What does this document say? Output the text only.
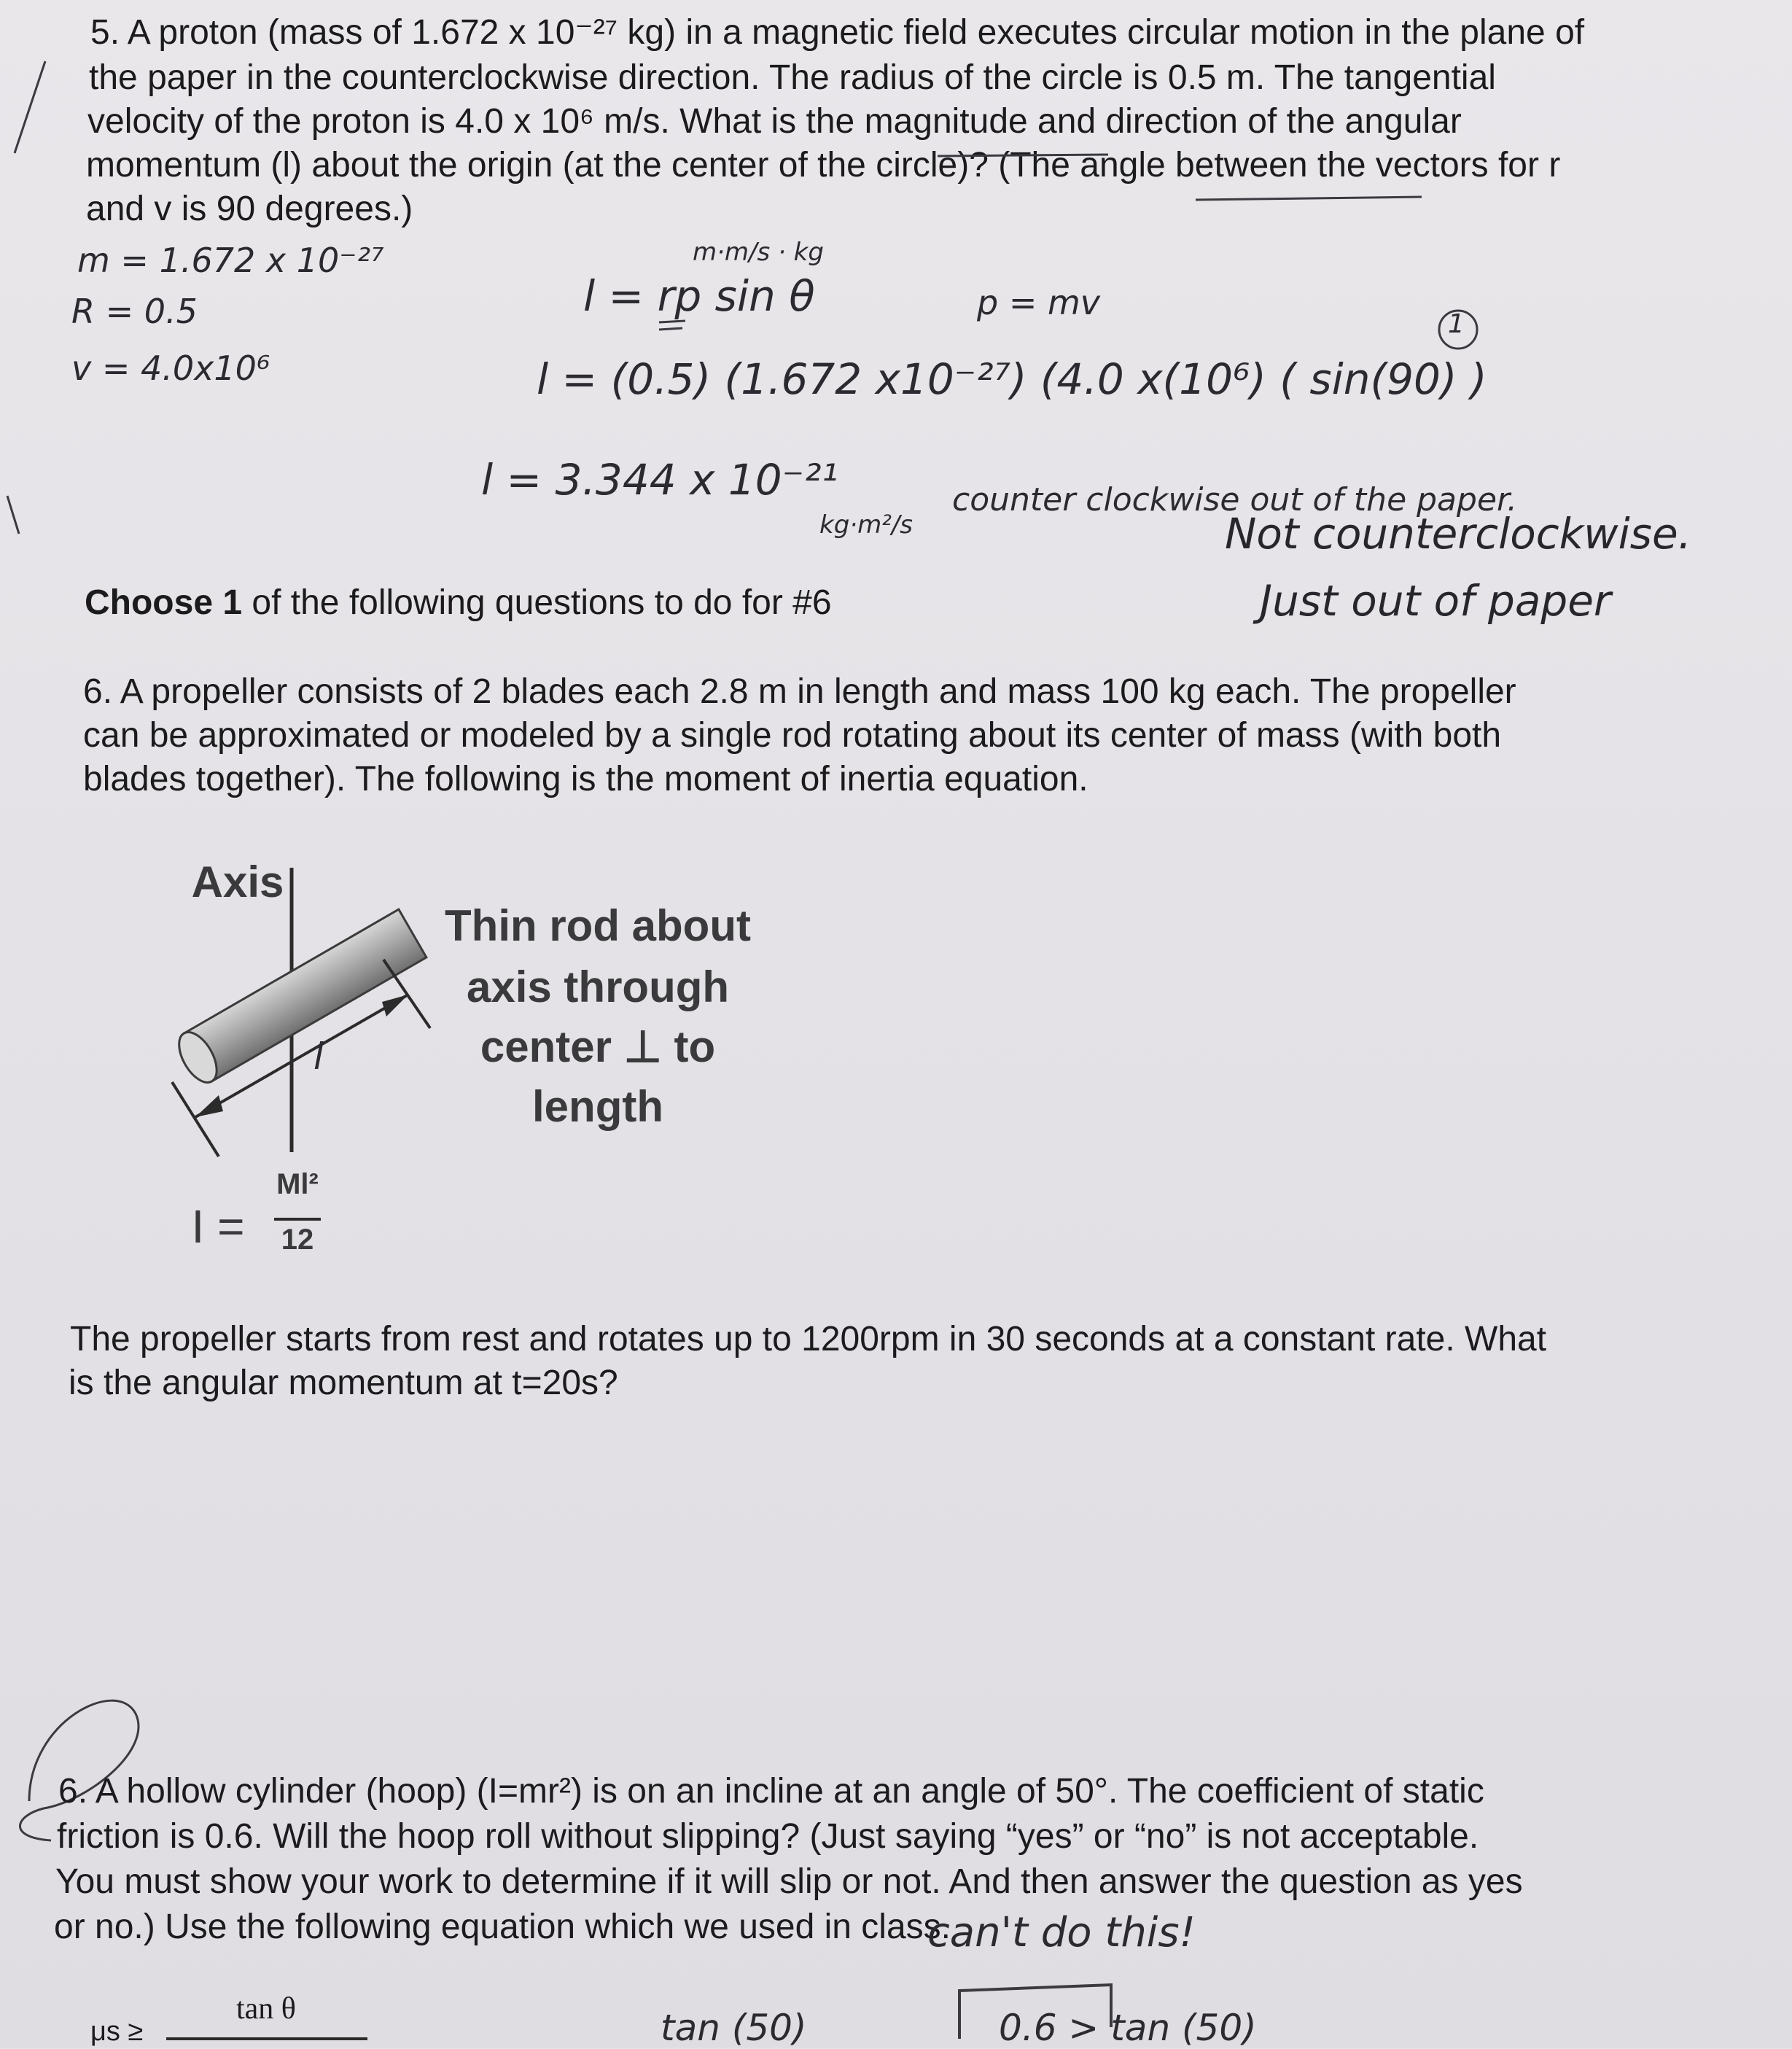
5. A proton (mass of 1.672 x 10⁻²⁷ kg) in a magnetic field executes circular motion in the plane of

the paper in the counterclockwise direction. The radius of the circle is 0.5 m. The tangential

velocity of the proton is 4.0 x 10⁶ m/s. What is the magnitude and direction of the angular

momentum (l) about the origin (at the center of the circle)? (The angle between the vectors for r

and v is 90 degrees.)

m = 1.672 x 10⁻²⁷
R = 0.5
v = 4.0x10⁶
m·m/s · kg
l = rp sin θ	p = mv
1
l = (0.5) (1.672 x10⁻²⁷) (4.0 x(10⁶) ( sin(90) )
l = 3.344 x 10⁻²¹
kg·m²/s
counter clockwise out of the paper.
Not counterclockwise.
Just out of paper

Choose 1 of the following questions to do for #6

6. A propeller consists of 2 blades each 2.8 m in length and mass 100 kg each. The propeller

can be approximated or modeled by a single rod rotating about its center of mass (with both

blades together). The following is the moment of inertia equation.

Axis
l
I =
Ml²
12
Thin rod about
axis through
center ⊥ to
length

The propeller starts from rest and rotates up to 1200rpm in 30 seconds at a constant rate. What

is the angular momentum at t=20s?

6. A hollow cylinder (hoop) (I=mr²) is on an incline at an angle of 50°. The coefficient of static

friction is 0.6. Will the hoop roll without slipping? (Just saying “yes” or “no” is not acceptable.

You must show your work to determine if it will slip or not. And then answer the question as yes

or no.) Use the following equation which we used in class.

can't do this!
μs ≥
tan θ	tan (50)	0.6 > tan (50)
